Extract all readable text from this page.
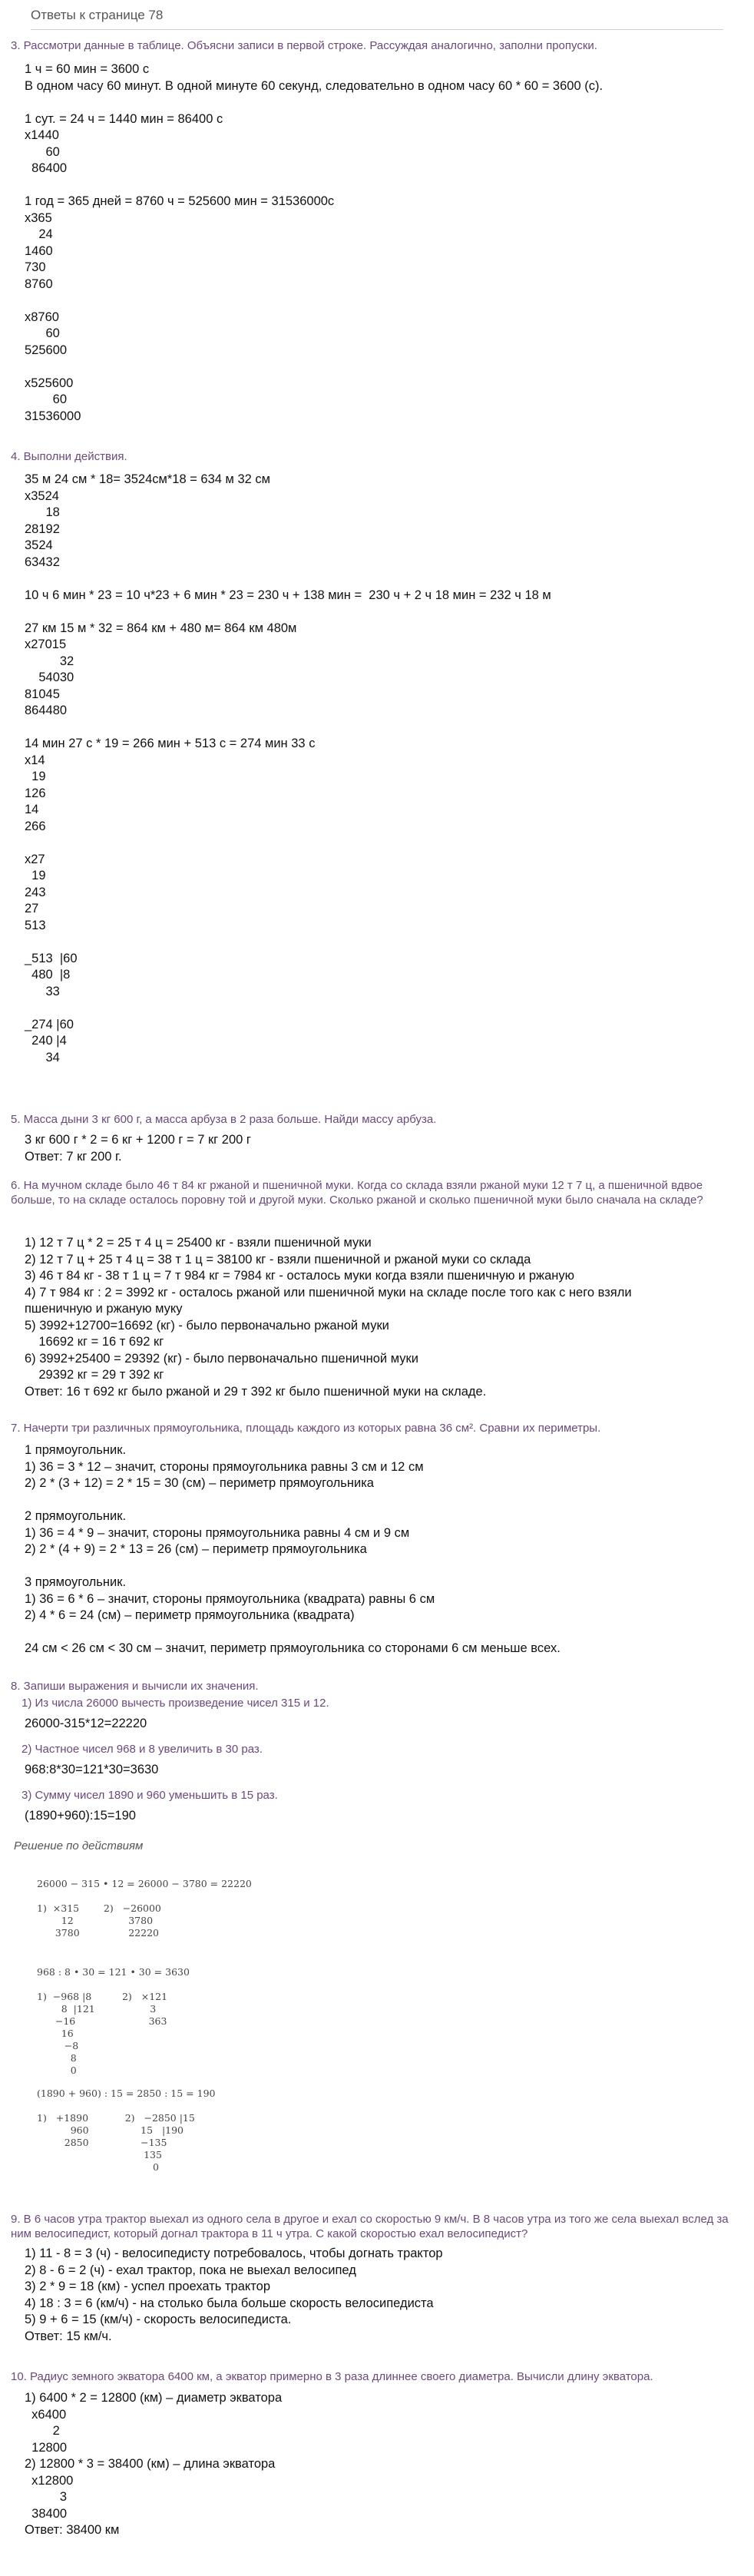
Ответы к странице 78
3. Рассмотри данные в таблице. Объясни записи в первой строке. Рассуждая аналогично, заполни пропуски.
1 ч = 60 мин = 3600 с
В одном часу 60 минут. В одной минуте 60 секунд, следовательно в одном часу 60 * 60 = 3600 (с).

1 сут. = 24 ч = 1440 мин = 86400 с
x1440
60
86400

1 год = 365 дней = 8760 ч = 525600 мин = 31536000с
x365
24
1460
730
8760

x8760
60
525600

x525600
60
31536000
4. Выполни действия.
35 м 24 см * 18= 3524см*18 = 634 м 32 см
x3524
18
28192
3524
63432

10 ч 6 мин * 23 = 10 ч*23 + 6 мин * 23 = 230 ч + 138 мин =  230 ч + 2 ч 18 мин = 232 ч 18 м

27 км 15 м * 32 = 864 км + 480 м= 864 км 480м
x27015
32
54030
81045
864480

14 мин 27 с * 19 = 266 мин + 513 с = 274 мин 33 с
x14
19
126
14
266

x27
19
243
27
513

_513  |60
480  |8
33

_274 |60
240 |4
34
5. Масса дыни 3 кг 600 г, а масса арбуза в 2 раза больше. Найди массу арбуза.
3 кг 600 г * 2 = 6 кг + 1200 г = 7 кг 200 г
Ответ: 7 кг 200 г.
6. На мучном складе было 46 т 84 кг ржаной и пшеничной муки. Когда со склада взяли ржаной муки 12 т 7 ц, а пшеничной вдвое больше, то на складе осталось поровну той и другой муки. Сколько ржаной и сколько пшеничной муки было сначала на складе?
1) 12 т 7 ц * 2 = 25 т 4 ц = 25400 кг - взяли пшеничной муки
2) 12 т 7 ц + 25 т 4 ц = 38 т 1 ц = 38100 кг - взяли пшеничной и ржаной муки со склада
3) 46 т 84 кг - 38 т 1 ц = 7 т 984 кг = 7984 кг - осталось муки когда взяли пшеничную и ржаную
4) 7 т 984 кг : 2 = 3992 кг - осталось ржаной или пшеничной муки на складе после того как с него взяли
пшеничную и ржаную муку
5) 3992+12700=16692 (кг) - было первоначально ржаной муки
16692 кг = 16 т 692 кг
6) 3992+25400 = 29392 (кг) - было первоначально пшеничной муки
29392 кг = 29 т 392 кг
Ответ: 16 т 692 кг было ржаной и 29 т 392 кг было пшеничной муки на складе.
7. Начерти три различных прямоугольника, площадь каждого из которых равна 36 см². Сравни их периметры.
1 прямоугольник.
1) 36 = 3 * 12 – значит, стороны прямоугольника равны 3 см и 12 см
2) 2 * (3 + 12) = 2 * 15 = 30 (см) – периметр прямоугольника

2 прямоугольник.
1) 36 = 4 * 9 – значит, стороны прямоугольника равны 4 см и 9 см
2) 2 * (4 + 9) = 2 * 13 = 26 (см) – периметр прямоугольника

3 прямоугольник.
1) 36 = 6 * 6 – значит, стороны прямоугольника (квадрата) равны 6 см
2) 4 * 6 = 24 (см) – периметр прямоугольника (квадрата)

24 см < 26 см < 30 см – значит, периметр прямоугольника со сторонами 6 см меньше всех.
8. Запиши выражения и вычисли их значения.
1) Из числа 26000 вычесть произведение чисел 315 и 12.
26000-315*12=22220
2) Частное чисел 968 и 8 увеличить в 30 раз.
968:8*30=121*30=3630
3) Сумму чисел 1890 и 960 уменьшить в 15 раз.
(1890+960):15=190
Решение по действиям
26000 − 315 • 12 = 26000 − 3780 = 22220

1)  ×315        2)   −26000
12                  3780
3780                22220
968 : 8 • 30 = 121 • 30 = 3630

1)  −968 |8          2)   ×121
8  |121                  3
−16                        363
16
−8
8
0
(1890 + 960) : 15 = 2850 : 15 = 190

1)   +1890            2)   −2850 |15
960                 15   |190
2850                 −135
135
0
9. В 6 часов утра трактор выехал из одного села в другое и ехал со скоростью 9 км/ч. В 8 часов утра из того же села выехал вслед за ним велосипедист, который догнал трактора в 11 ч утра. С какой скоростью ехал велосипедист?
1) 11 - 8 = 3 (ч) - велосипедисту потребовалось, чтобы догнать трактор
2) 8 - 6 = 2 (ч) - ехал трактор, пока не выехал велосипед
3) 2 * 9 = 18 (км) - успел проехать трактор
4) 18 : 3 = 6 (км/ч) - на столько была больше скорость велосипедиста
5) 9 + 6 = 15 (км/ч) - скорость велосипедиста.
Ответ: 15 км/ч.
10. Радиус земного экватора 6400 км, а экватор примерно в 3 раза длиннее своего диаметра. Вычисли длину экватора.
1) 6400 * 2 = 12800 (км) – диаметр экватора
x6400
2
12800
2) 12800 * 3 = 38400 (км) – длина экватора
x12800
3
38400
Ответ: 38400 км
